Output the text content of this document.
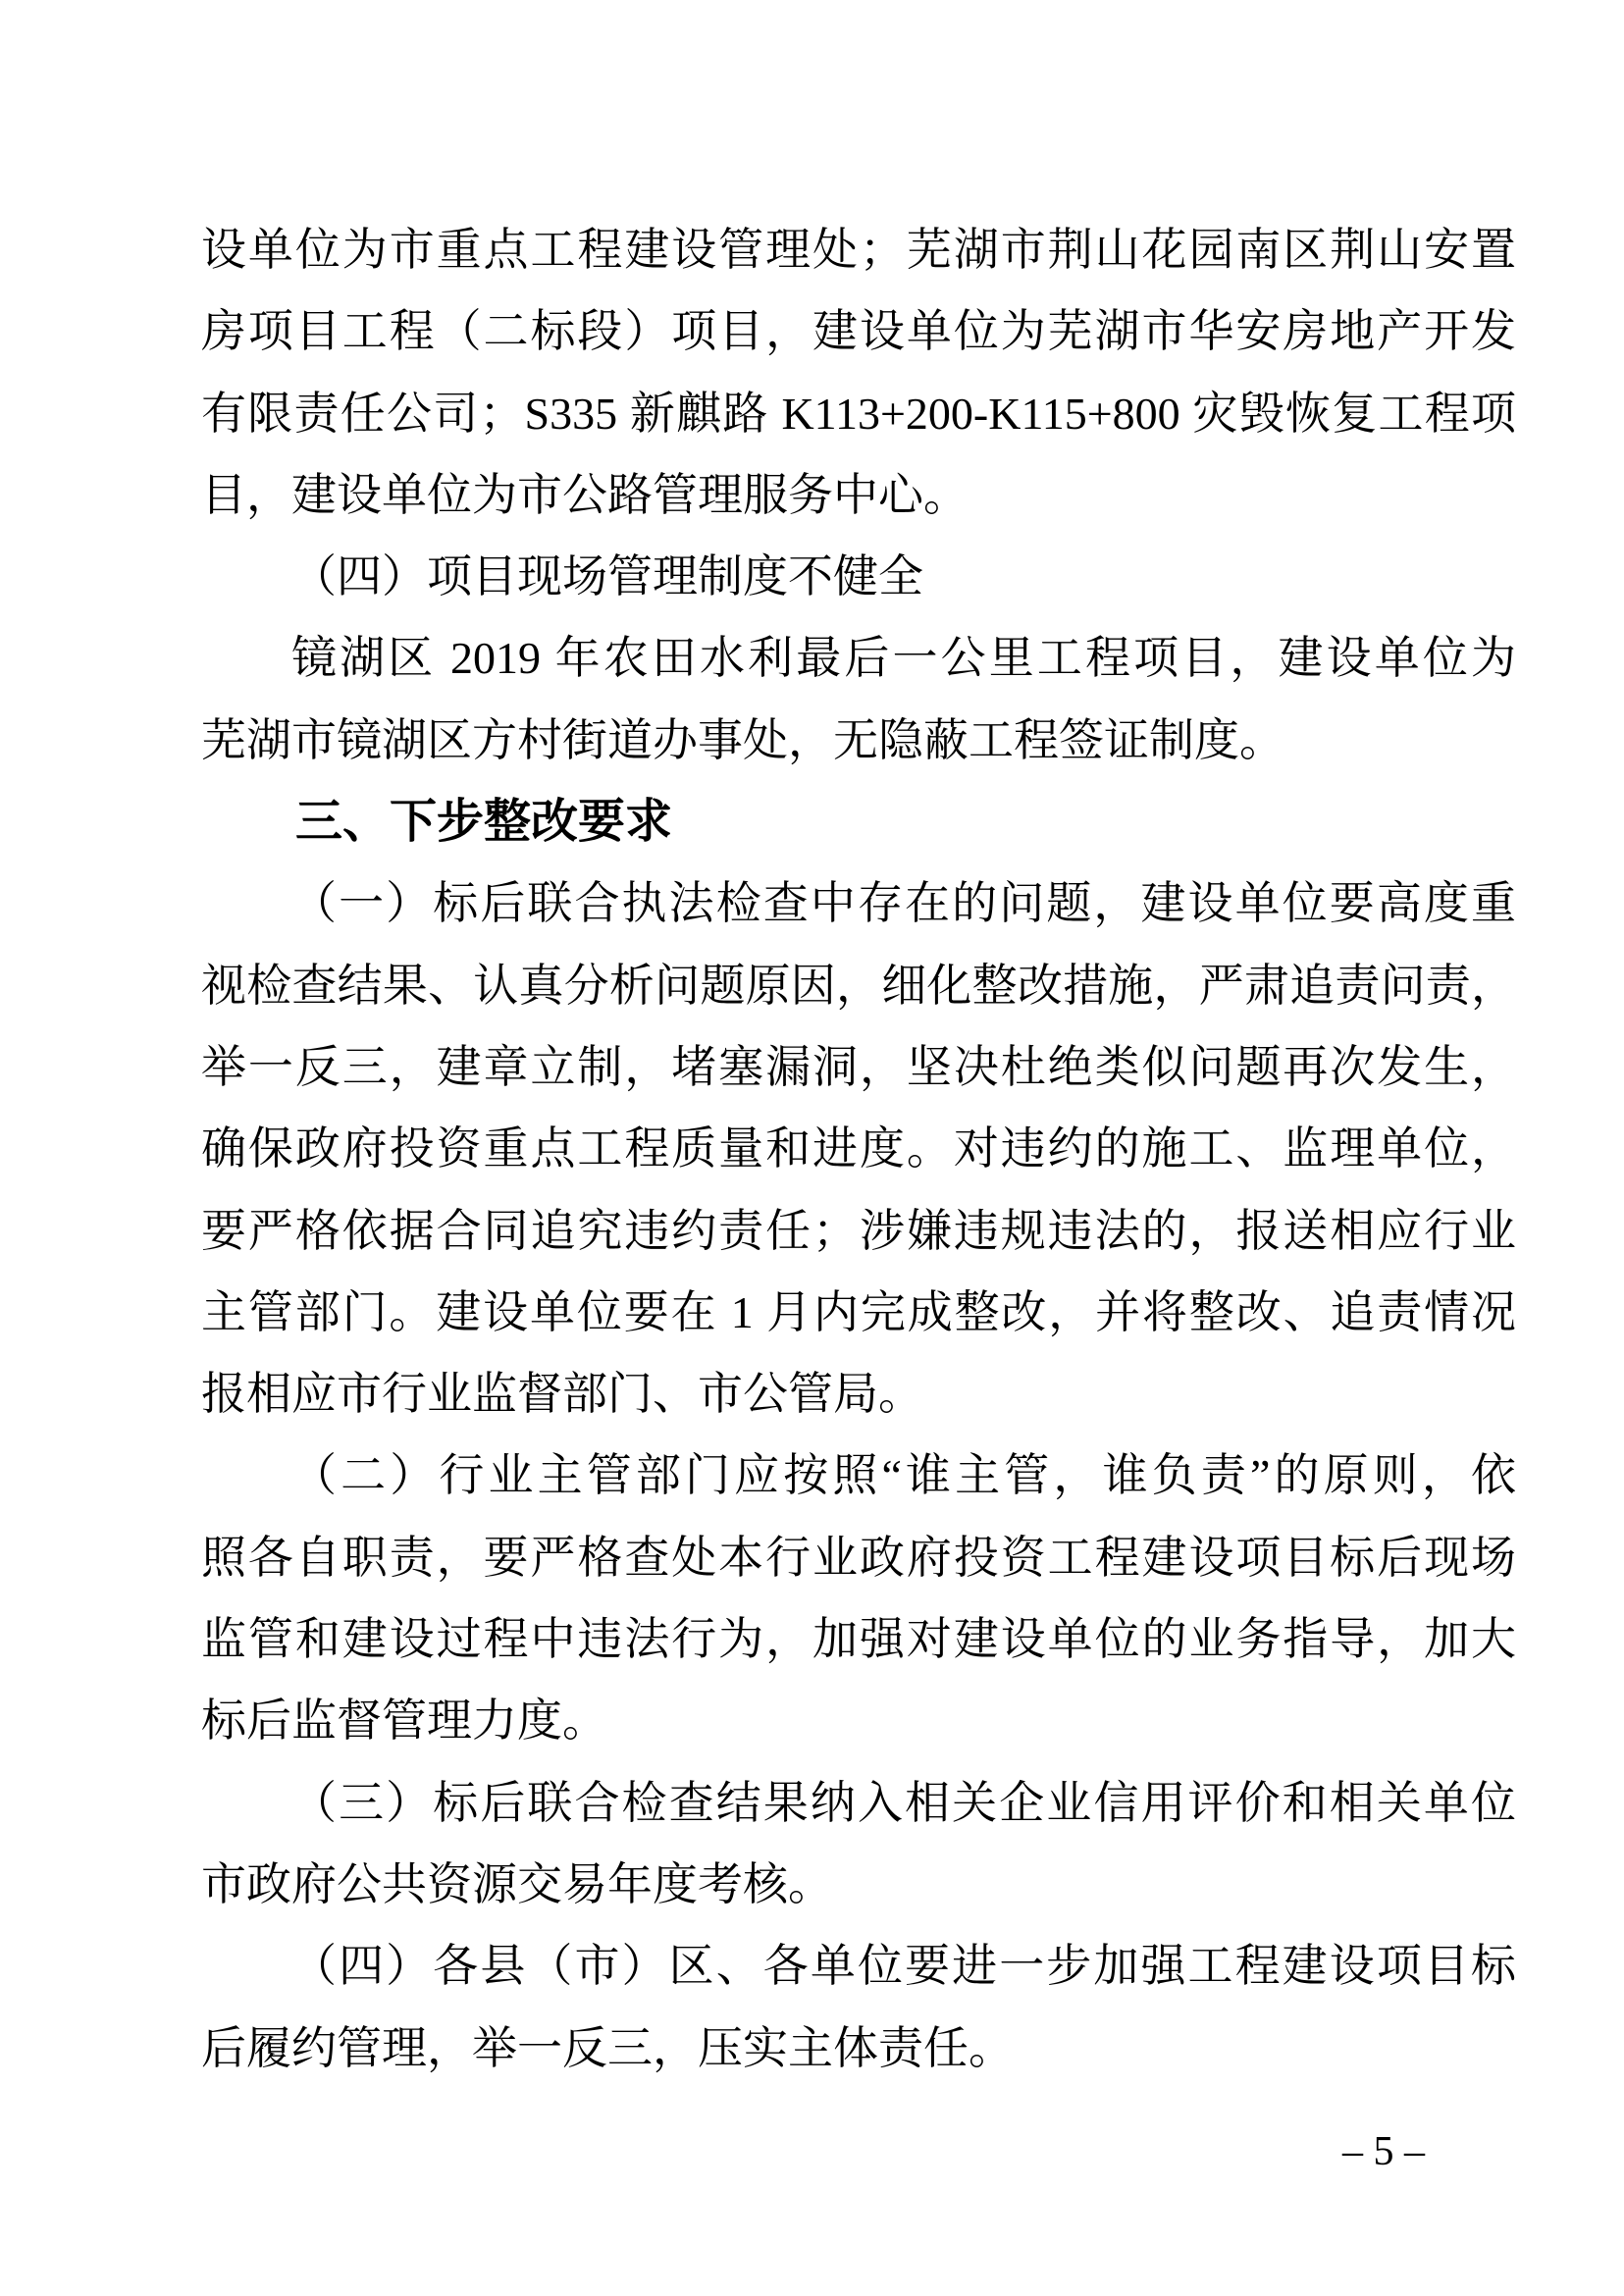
设单位为市重点工程建设管理处；芜湖市荆山花园南区荆山安置
房项目工程（二标段）项目，建设单位为芜湖市华安房地产开发
有限责任公司；S335 新麒路 K113+200-K115+800 灾毁恢复工程项
目，建设单位为市公路管理服务中心。
（四）项目现场管理制度不健全
镜湖区 2019 年农田水利最后一公里工程项目，建设单位为
芜湖市镜湖区方村街道办事处，无隐蔽工程签证制度。
三、下步整改要求
（一）标后联合执法检查中存在的问题，建设单位要高度重
视检查结果、认真分析问题原因，细化整改措施，严肃追责问责，
举一反三，建章立制，堵塞漏洞，坚决杜绝类似问题再次发生，
确保政府投资重点工程质量和进度。对违约的施工、监理单位，
要严格依据合同追究违约责任；涉嫌违规违法的，报送相应行业
主管部门。建设单位要在 1 月内完成整改，并将整改、追责情况
报相应市行业监督部门、市公管局。
（二）行业主管部门应按照“谁主管，谁负责”的原则，依
照各自职责，要严格查处本行业政府投资工程建设项目标后现场
监管和建设过程中违法行为，加强对建设单位的业务指导，加大
标后监督管理力度。
（三）标后联合检查结果纳入相关企业信用评价和相关单位
市政府公共资源交易年度考核。
（四）各县（市）区、各单位要进一步加强工程建设项目标
后履约管理，举一反三，压实主体责任。
– 5 –
